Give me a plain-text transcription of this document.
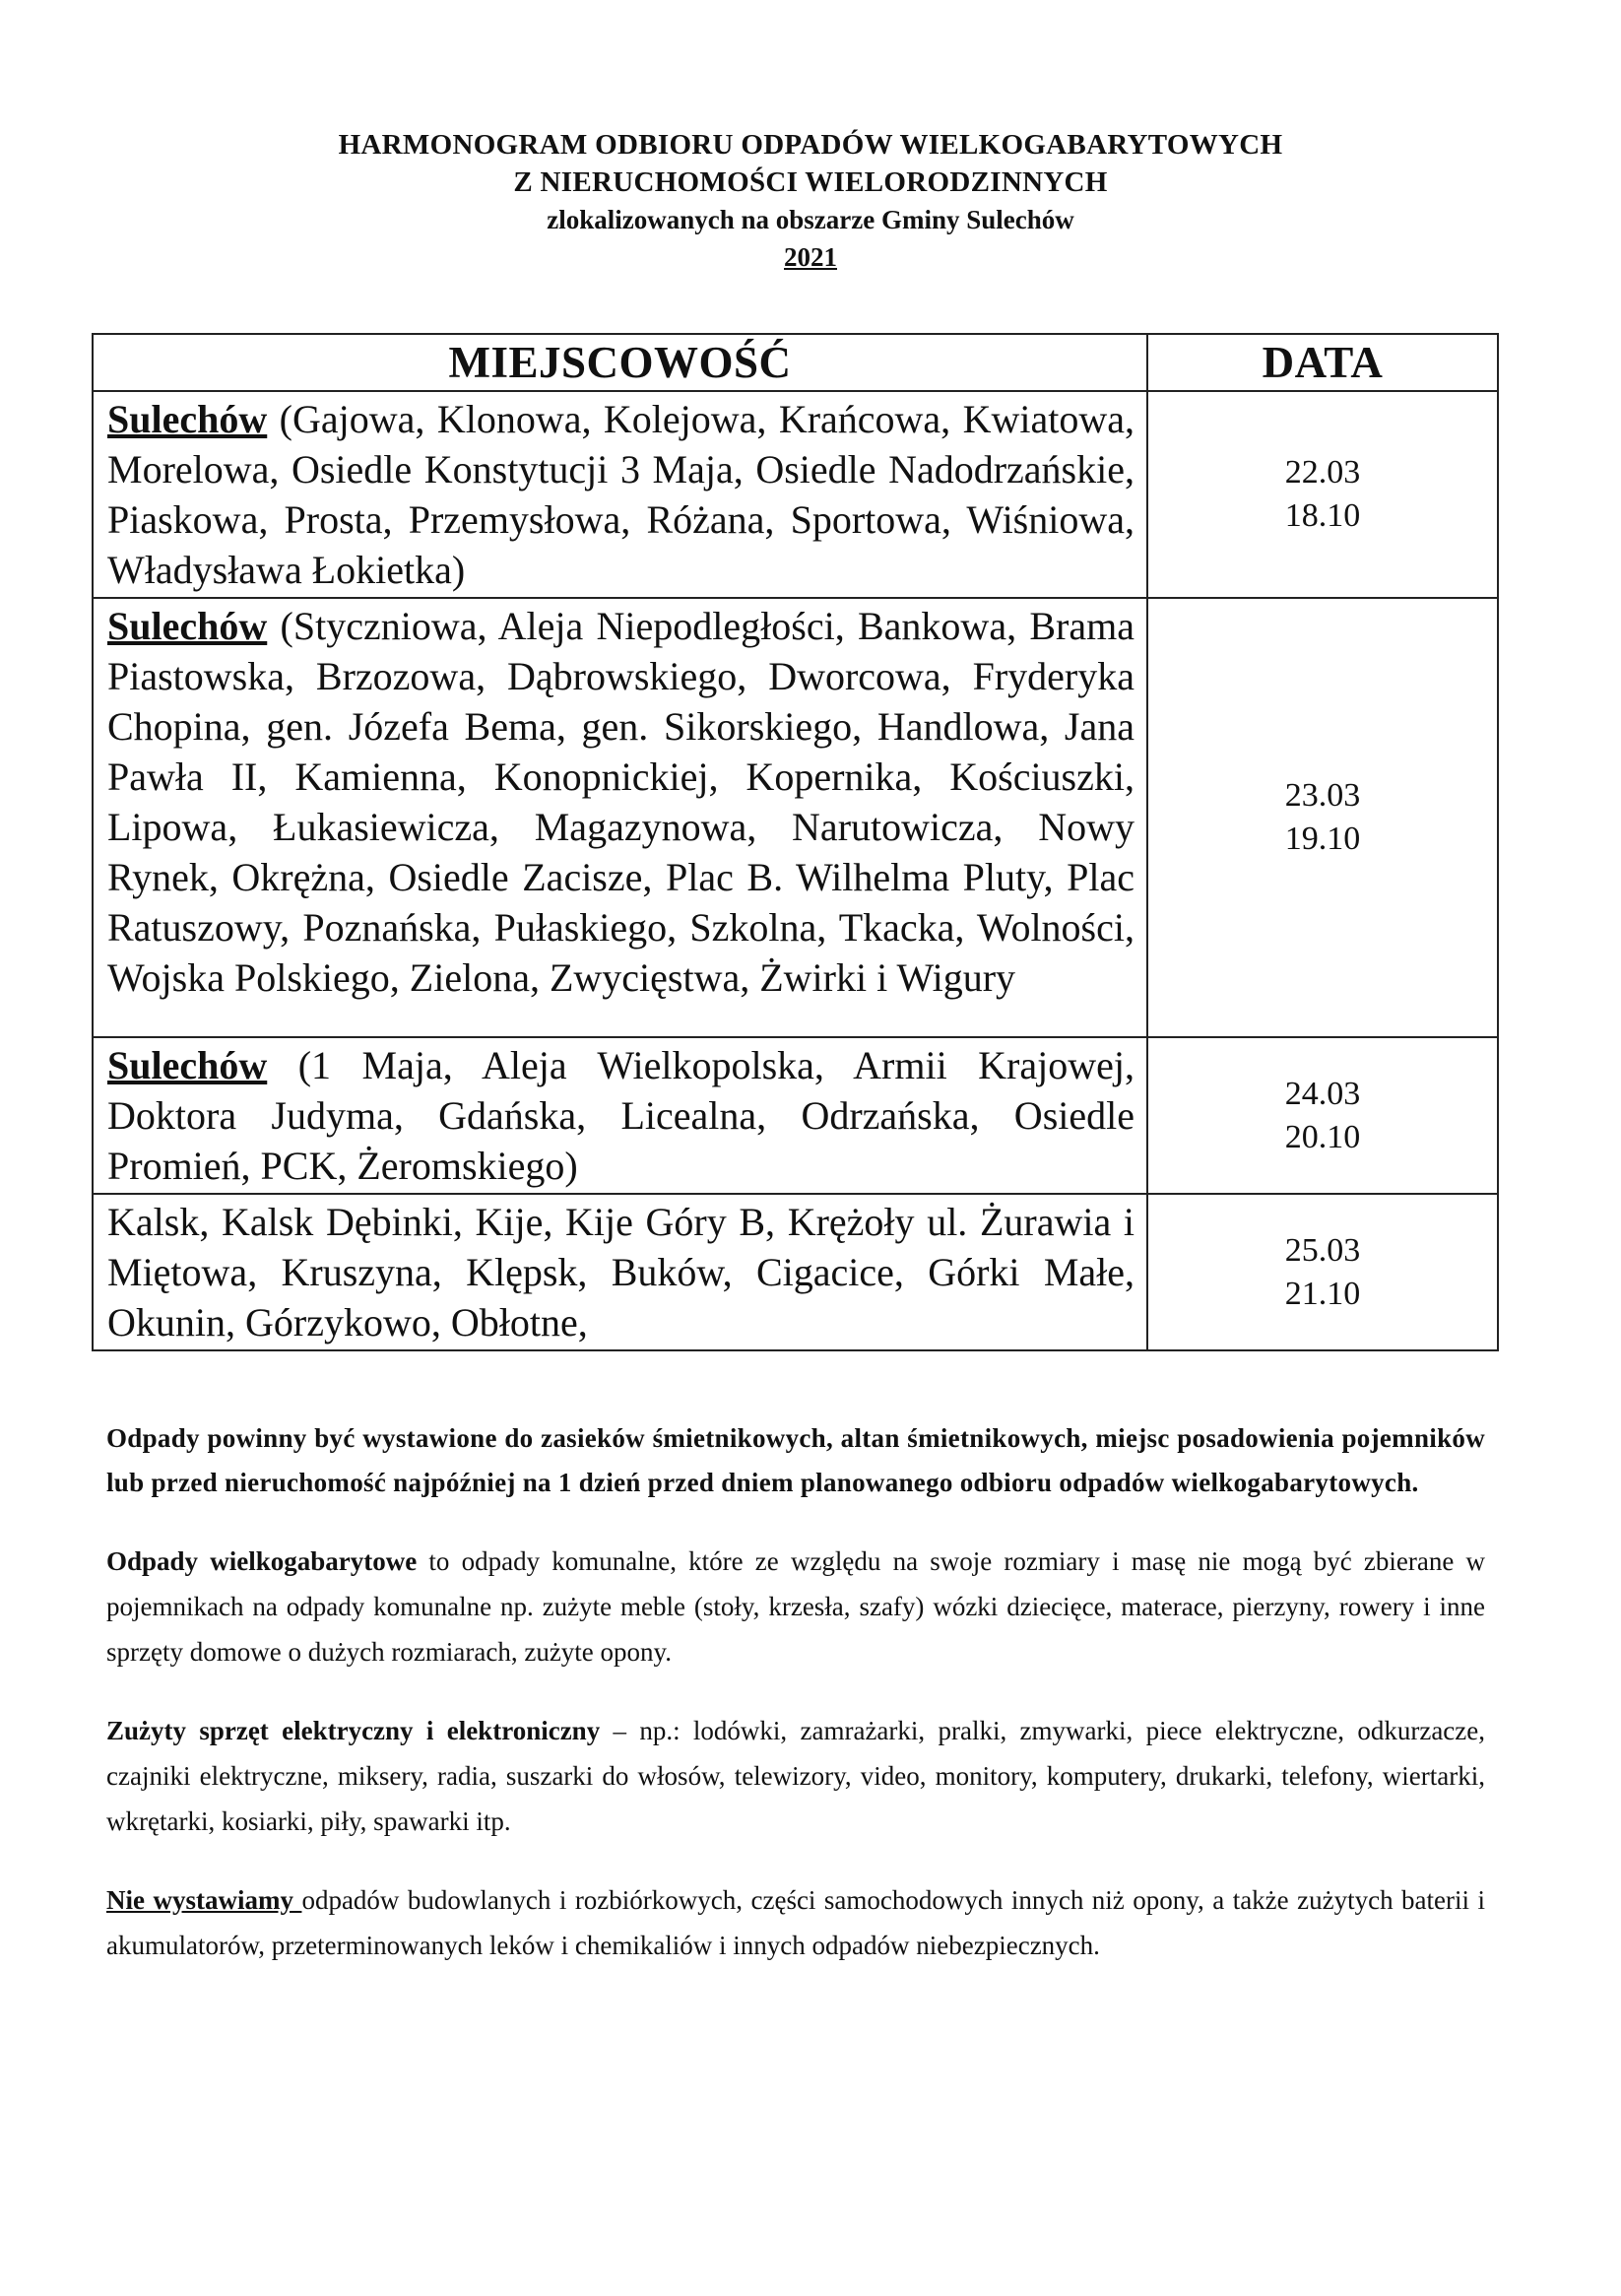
HARMONOGRAM ODBIORU ODPADÓW WIELKOGABARYTOWYCH
Z NIERUCHOMOŚCI WIELORODZINNYCH
zlokalizowanych na obszarze Gminy Sulechów
2021
MIEJSCOWOŚĆ	DATA
Sulechów (Gajowa, Klonowa, Kolejowa, Krańcowa, Kwiatowa, Morelowa, Osiedle Konstytucji 3 Maja, Osiedle Nadodrzańskie, Piaskowa, Prosta, Przemysłowa, Różana, Sportowa, Wiśniowa, Władysława Łokietka)	22.03
18.10

Sulechów (Styczniowa, Aleja Niepodległości, Bankowa, Brama Piastowska, Brzozowa, Dąbrowskiego, Dworcowa, Fryderyka Chopina, gen. Józefa Bema, gen. Sikorskiego, Handlowa, Jana Pawła II, Kamienna, Konopnickiej, Kopernika, Kościuszki, Lipowa, Łukasiewicza, Magazynowa, Narutowicza, Nowy Rynek, Okrężna, Osiedle Zacisze, Plac B. Wilhelma Pluty, Plac Ratuszowy, Poznańska, Pułaskiego, Szkolna, Tkacka, Wolności, Wojska Polskiego, Zielona, Zwycięstwa, Żwirki i Wigury	23.03
19.10

Sulechów (1 Maja, Aleja Wielkopolska, Armii Krajowej, Doktora Judyma, Gdańska, Licealna, Odrzańska, Osiedle Promień, PCK, Żeromskiego)	24.03
20.10

Kalsk, Kalsk Dębinki, Kije, Kije Góry B, Krężoły ul. Żurawia i Miętowa, Kruszyna, Klępsk, Buków, Cigacice, Górki Małe, Okunin, Górzykowo, Obłotne,	25.03
21.10

Odpady powinny być wystawione do zasieków śmietnikowych, altan śmietnikowych, miejsc posadowienia pojemników lub przed nieruchomość najpóźniej na 1 dzień przed dniem planowanego odbioru odpadów wielkogabarytowych.

Odpady wielkogabarytowe to odpady komunalne, które ze względu na swoje rozmiary i masę nie mogą być zbierane w pojemnikach na odpady komunalne np. zużyte meble (stoły, krzesła, szafy) wózki dziecięce, materace, pierzyny, rowery i inne sprzęty domowe o dużych rozmiarach, zużyte opony.

Zużyty sprzęt elektryczny i elektroniczny – np.: lodówki, zamrażarki, pralki, zmywarki, piece elektryczne, odkurzacze, czajniki elektryczne, miksery, radia, suszarki do włosów, telewizory, video, monitory, komputery, drukarki, telefony, wiertarki, wkrętarki, kosiarki, piły, spawarki itp.

Nie wystawiamy odpadów budowlanych i rozbiórkowych, części samochodowych innych niż opony, a także zużytych baterii i akumulatorów, przeterminowanych leków i chemikaliów i innych odpadów niebezpiecznych.
